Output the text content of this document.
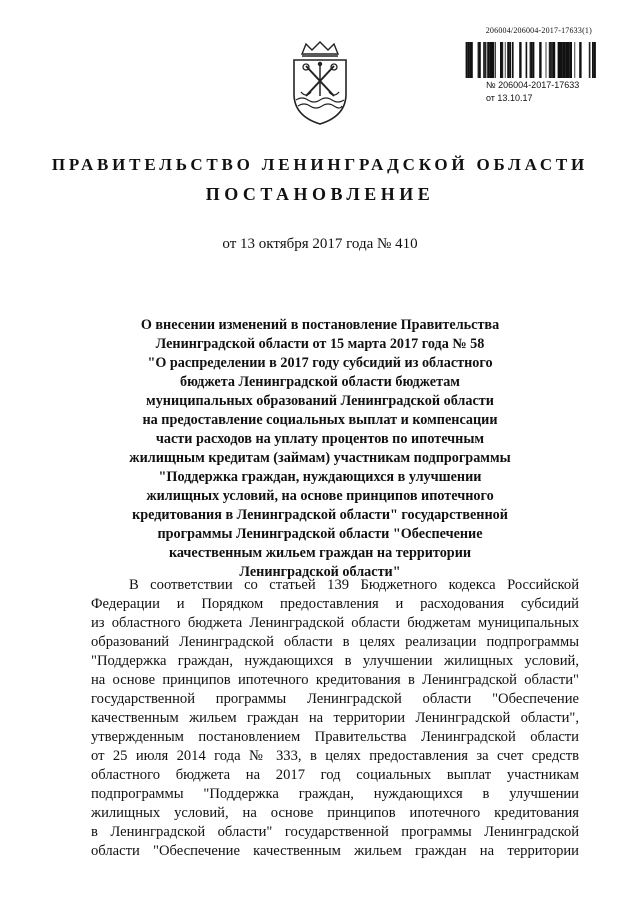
206004/206004-2017-17633(1)
№ 206004-2017-17633
от 13.10.17
ПРАВИТЕЛЬСТВО ЛЕНИНГРАДСКОЙ ОБЛАСТИ
ПОСТАНОВЛЕНИЕ
от 13 октября 2017 года № 410
О внесении изменений в постановление Правительства
Ленинградской области от 15 марта 2017 года № 58
"О распределении в 2017 году субсидий из областного
бюджета Ленинградской области бюджетам
муниципальных образований Ленинградской области
на предоставление социальных выплат и компенсации
части расходов на уплату процентов по ипотечным
жилищным кредитам (займам) участникам подпрограммы
"Поддержка граждан, нуждающихся в улучшении
жилищных условий, на основе принципов ипотечного
кредитования в Ленинградской области" государственной
программы Ленинградской области "Обеспечение
качественным жильем граждан на территории
Ленинградской области"
В соответствии со статьей 139 Бюджетного кодекса Российской
Федерации и Порядком предоставления и расходования субсидий
из областного бюджета Ленинградской области бюджетам муниципальных
образований Ленинградской области в целях реализации подпрограммы
"Поддержка граждан, нуждающихся в улучшении жилищных условий,
на основе принципов ипотечного кредитования в Ленинградской области"
государственной программы Ленинградской области "Обеспечение
качественным жильем граждан на территории Ленинградской области",
утвержденным постановлением Правительства Ленинградской области
от 25 июля 2014 года № 333, в целях предоставления за счет средств
областного бюджета на 2017 год социальных выплат участникам
подпрограммы "Поддержка граждан, нуждающихся в улучшении
жилищных условий, на основе принципов ипотечного кредитования
в Ленинградской области" государственной программы Ленинградской
области "Обеспечение качественным жильем граждан на территории
